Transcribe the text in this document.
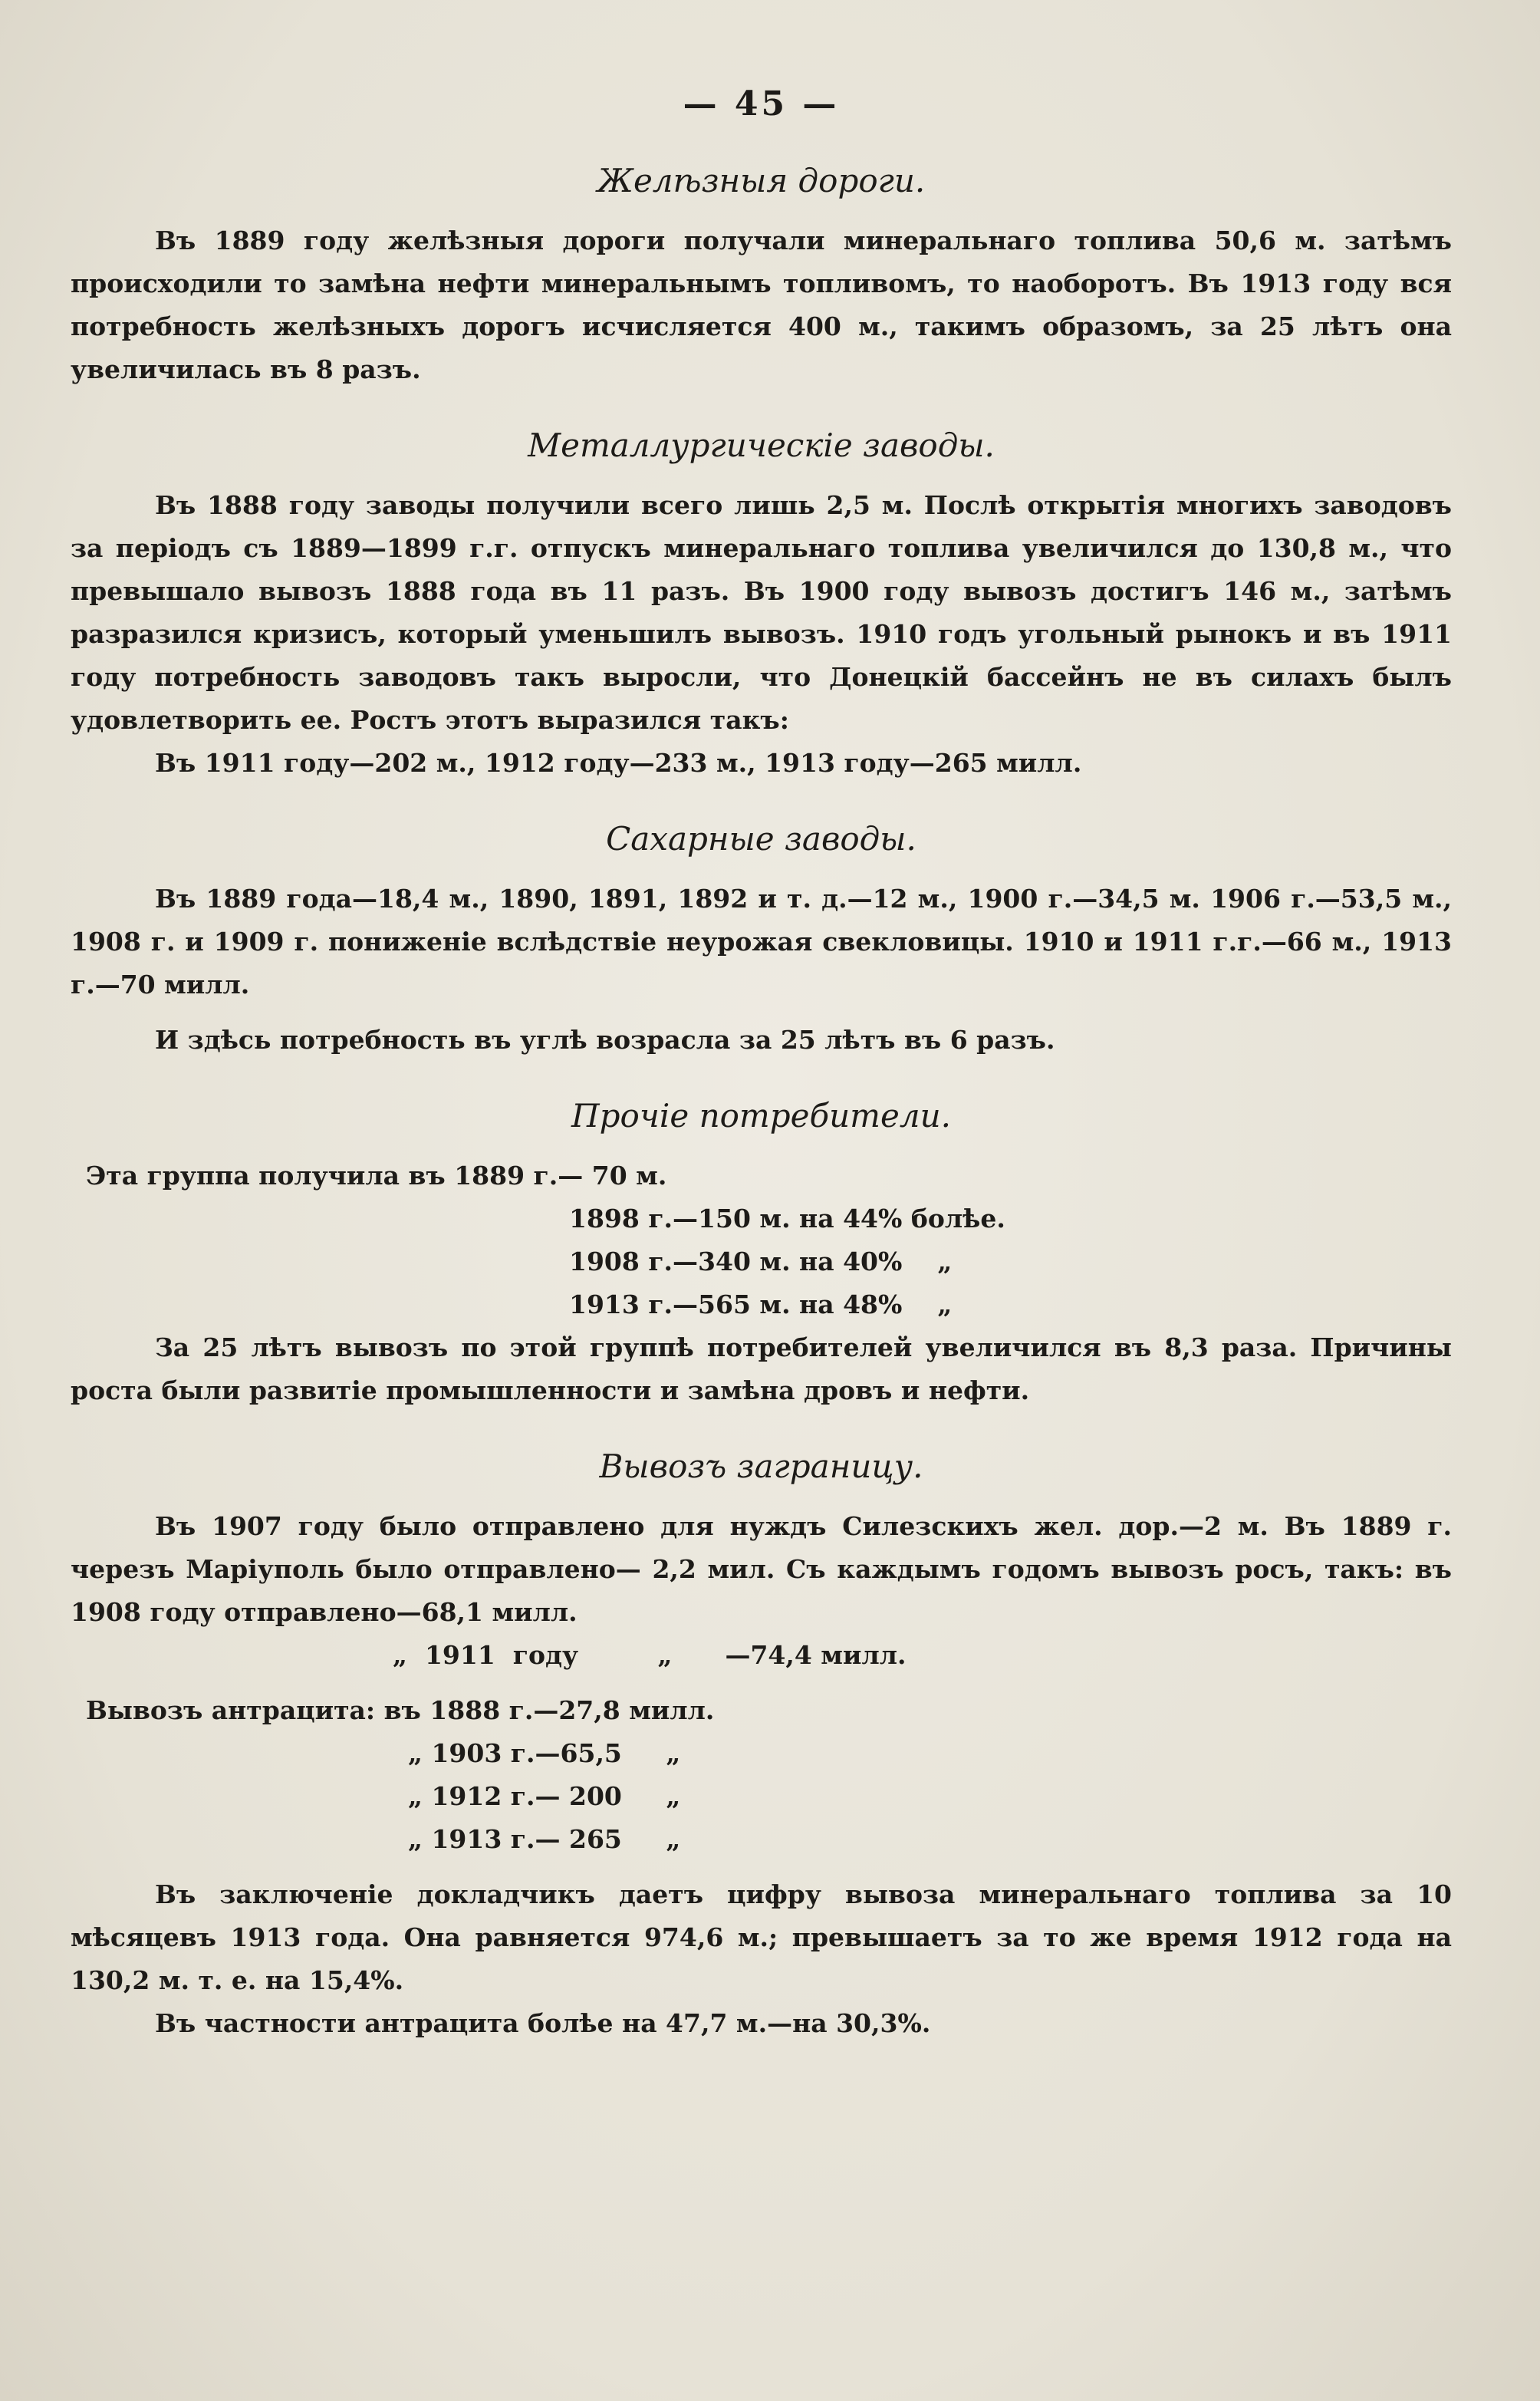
— 45 —
Желѣзныя дороги.

Въ 1889 году желѣзныя дороги получали минеральнаго топлива 50,6 м. затѣмъ происходили то замѣна нефти минеральнымъ топливомъ, то наоборотъ. Въ 1913 году вся потребность желѣзныхъ дорогъ исчисляется 400 м., такимъ образомъ, за 25 лѣтъ она увеличилась въ 8 разъ.

Металлургическіе заводы.

Въ 1888 году заводы получили всего лишь 2,5 м. Послѣ открытія многихъ заводовъ за періодъ съ 1889—1899 г.г. отпускъ минеральнаго топлива увеличился до 130,8 м., что превышало вывозъ 1888 года въ 11 разъ. Въ 1900 году вывозъ достигъ 146 м., затѣмъ разразился кризисъ, который уменьшилъ вывозъ. 1910 годъ угольный рынокъ и въ 1911 году потребность заводовъ такъ выросли, что Донецкій бассейнъ не въ силахъ былъ удовлетворить ее. Ростъ этотъ выразился такъ:

Въ 1911 году—202 м., 1912 году—233 м., 1913 году—265 милл.

Сахарные заводы.

Въ 1889 года—18,4 м., 1890, 1891, 1892 и т. д.—12 м., 1900 г.—34,5 м. 1906 г.—53,5 м., 1908 г. и 1909 г. пониженіе вслѣдствіе неурожая свекловицы. 1910 и 1911 г.г.—66 м., 1913 г.—70 милл.

И здѣсь потребность въ углѣ возрасла за 25 лѣтъ въ 6 разъ.

Прочіе потребители.
Эта группа получила въ 1889 г.— 70 м.
1898 г.—150 м. на 44% болѣе.
1908 г.—340 м. на 40%    „
1913 г.—565 м. на 48%    „

За 25 лѣтъ вывозъ по этой группѣ потребителей увеличился въ 8,3 раза. Причины роста были развитіе промышленности и замѣна дровъ и нефти.

Вывозъ заграницу.

Въ 1907 году было отправлено для нуждъ Силезскихъ жел. дор.—2 м. Въ 1889 г. черезъ Маріуполь было отправлено— 2,2 мил. Съ каждымъ годомъ вывозъ росъ, такъ: въ 1908 году отправлено—68,1 милл.

„  1911  году         „      —74,4 милл.
Вывозъ антрацита: въ 1888 г.—27,8 милл.
„ 1903 г.—65,5     „
„ 1912 г.— 200     „
„ 1913 г.— 265     „

Въ заключеніе докладчикъ даетъ цифру вывоза минеральнаго топлива за 10 мѣсяцевъ 1913 года. Она равняется 974,6 м.; превышаетъ за то же время 1912 года на 130,2 м. т. е. на 15,4%.

Въ частности антрацита болѣе на 47,7 м.—на 30,3%.
